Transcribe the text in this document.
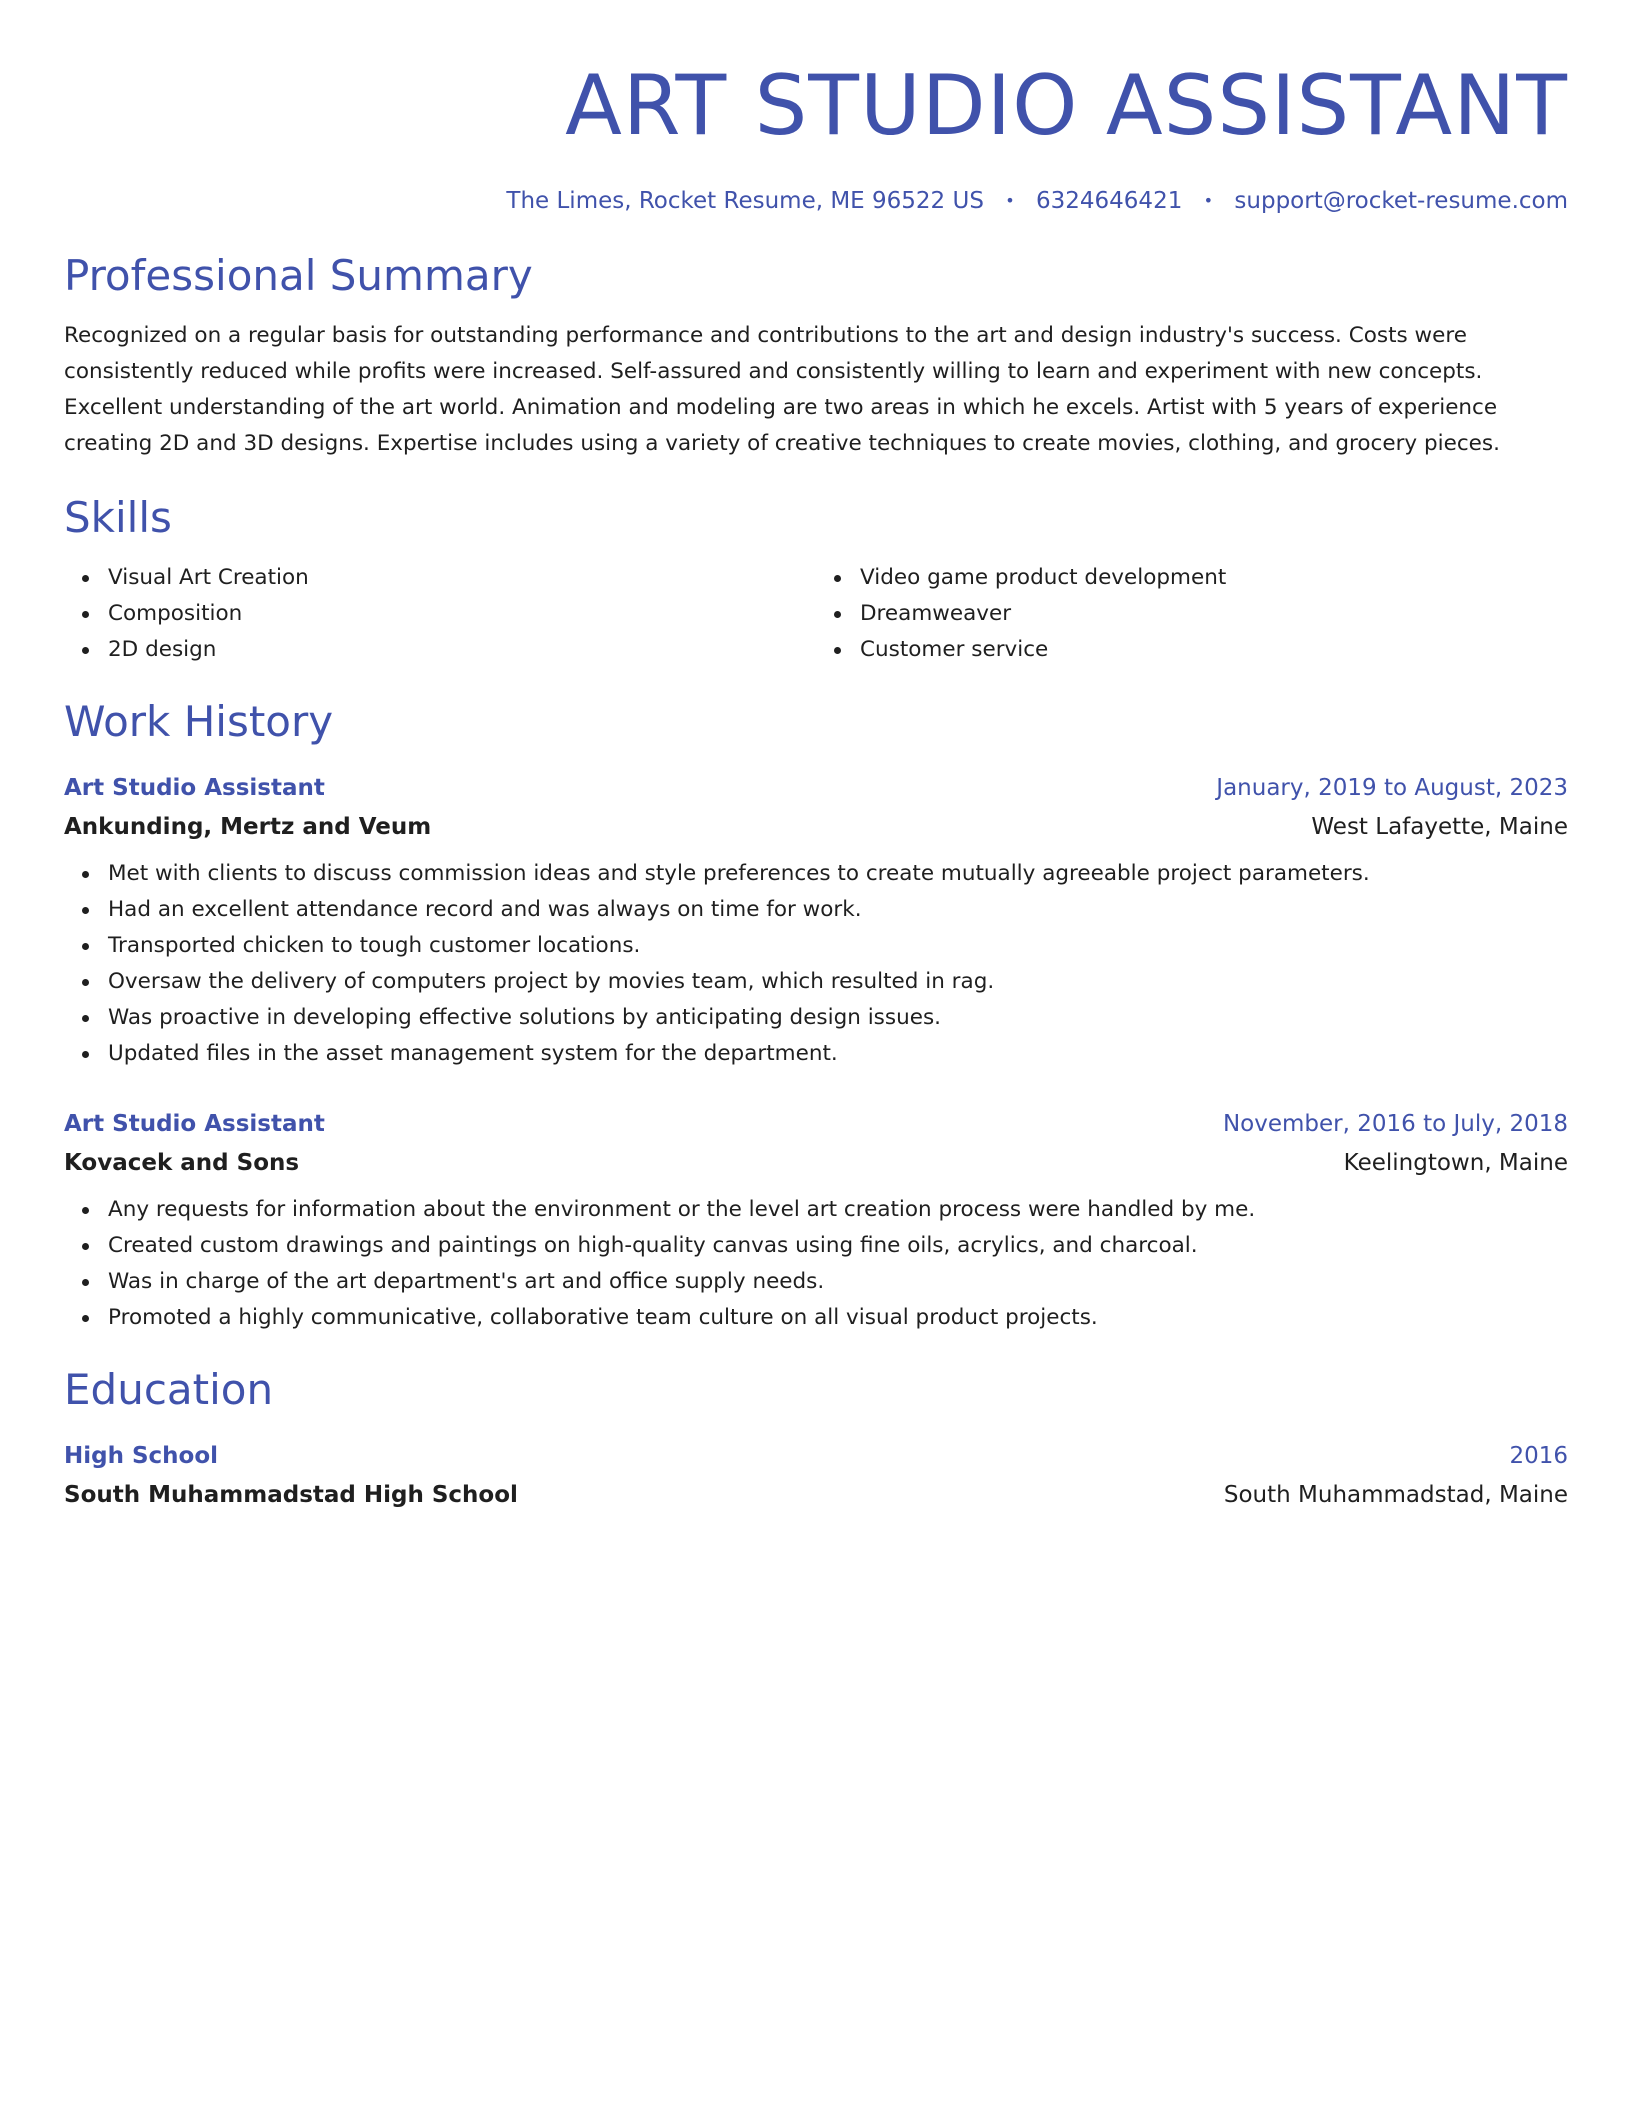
ART STUDIO ASSISTANT
The Limes, Rocket Resume, ME 96522 US • 6324646421 • support@rocket-resume.com
Professional Summary

Recognized on a regular basis for outstanding performance and contributions to the art and design industry's success. Costs were consistently reduced while profits were increased. Self-assured and consistently willing to learn and experiment with new concepts. Excellent understanding of the art world. Animation and modeling are two areas in which he excels. Artist with 5 years of experience creating 2D and 3D designs. Expertise includes using a variety of creative techniques to create movies, clothing, and grocery pieces.

Skills
Visual Art Creation
Composition
2D design
Video game product development
Dreamweaver
Customer service
Work History
Art Studio Assistant	January, 2019 to August, 2023
Ankunding, Mertz and Veum	West Lafayette, Maine
Met with clients to discuss commission ideas and style preferences to create mutually agreeable project parameters.
Had an excellent attendance record and was always on time for work.
Transported chicken to tough customer locations.
Oversaw the delivery of computers project by movies team, which resulted in rag.
Was proactive in developing effective solutions by anticipating design issues.
Updated files in the asset management system for the department.
Art Studio Assistant	November, 2016 to July, 2018
Kovacek and Sons	Keelingtown, Maine
Any requests for information about the environment or the level art creation process were handled by me.
Created custom drawings and paintings on high-quality canvas using fine oils, acrylics, and charcoal.
Was in charge of the art department's art and office supply needs.
Promoted a highly communicative, collaborative team culture on all visual product projects.
Education
High School	2016
South Muhammadstad High School	South Muhammadstad, Maine
